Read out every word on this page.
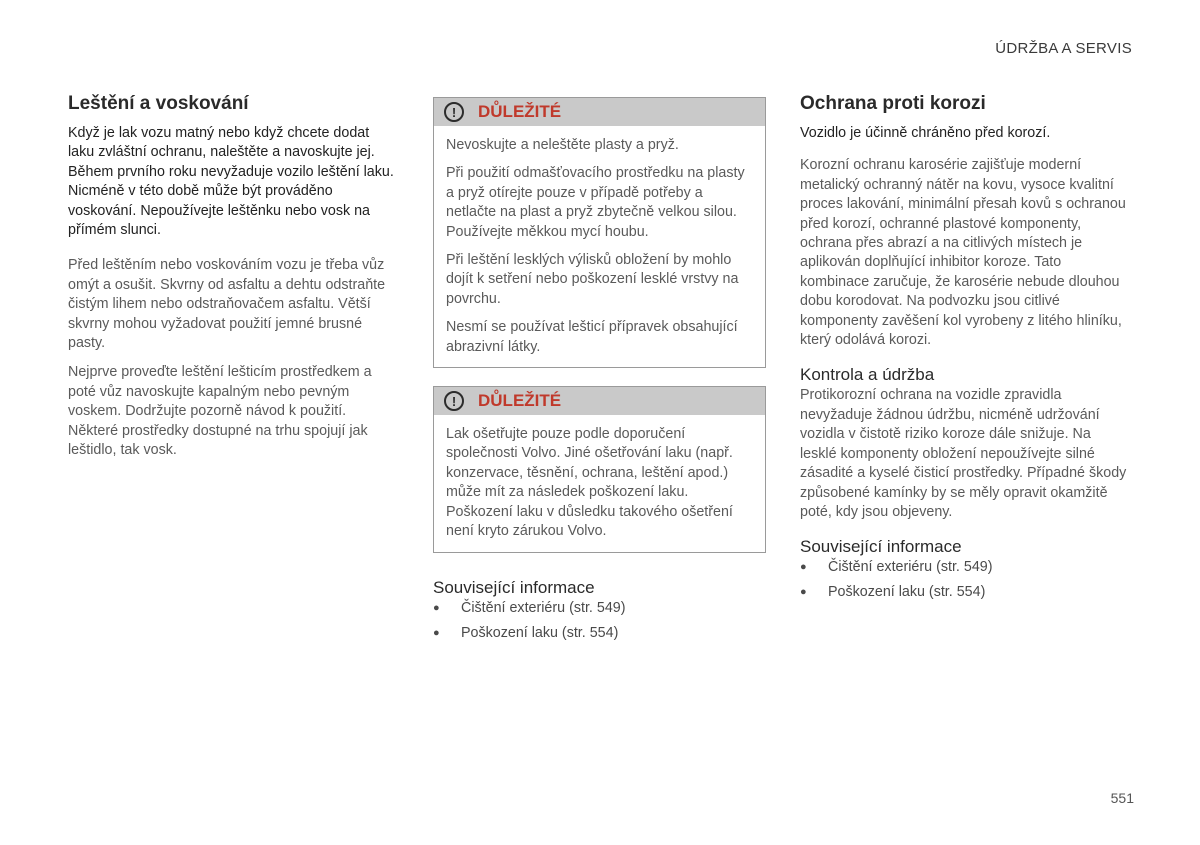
ÚDRŽBA A SERVIS
Leštění a voskování

Když je lak vozu matný nebo když chcete dodat laku zvláštní ochranu, naleštěte a navoskujte jej. Během prvního roku nevyžaduje vozilo leštění laku. Nicméně v této době může být prováděno voskování. Nepoužívejte leštěnku nebo vosk na přímém slunci.

Před leštěním nebo voskováním vozu je třeba vůz omýt a osušit. Skvrny od asfaltu a dehtu odstraňte čistým lihem nebo odstraňovačem asfaltu. Větší skvrny mohou vyžadovat použití jemné brusné pasty.

Nejprve proveďte leštění lešticím prostředkem a poté vůz navoskujte kapalným nebo pevným voskem. Dodržujte pozorně návod k použití. Některé prostředky dostupné na trhu spojují jak leštidlo, tak vosk.

!	DŮLEŽITÉ

Nevoskujte a neleštěte plasty a pryž.

Při použití odmašťovacího prostředku na plasty a pryž otírejte pouze v případě potřeby a netlačte na plast a pryž zbytečně velkou silou. Používejte měkkou mycí houbu.

Při leštění lesklých výlisků obložení by mohlo dojít k setření nebo poškození lesklé vrstvy na povrchu.

Nesmí se používat lešticí přípravek obsahující abrazivní látky.

!	DŮLEŽITÉ

Lak ošetřujte pouze podle doporučení společnosti Volvo. Jiné ošetřování laku (např. konzervace, těsnění, ochrana, leštění apod.) může mít za následek poškození laku. Poškození laku v důsledku takového ošetření není kryto zárukou Volvo.

Související informace
●	Čištění exteriéru (str. 549)
●	Poškození laku (str. 554)
Ochrana proti korozi

Vozidlo je účinně chráněno před korozí.

Korozní ochranu karosérie zajišťuje moderní metalický ochranný nátěr na kovu, vysoce kvalitní proces lakování, minimální přesah kovů s ochranou před korozí, ochranné plastové komponenty, ochrana přes abrazí a na citlivých místech je aplikován doplňující inhibitor koroze. Tato kombinace zaručuje, že karosérie nebude dlouhou dobu korodovat. Na podvozku jsou citlivé komponenty zavěšení kol vyrobeny z litého hliníku, který odolává korozi.

Kontrola a údržba

Protikorozní ochrana na vozidle zpravidla nevyžaduje žádnou údržbu, nicméně udržování vozidla v čistotě riziko koroze dále snižuje. Na lesklé komponenty obložení nepoužívejte silné zásadité a kyselé čisticí prostředky. Případné škody způsobené kamínky by se měly opravit okamžitě poté, kdy jsou objeveny.

Související informace
●	Čištění exteriéru (str. 549)
●	Poškození laku (str. 554)
551
